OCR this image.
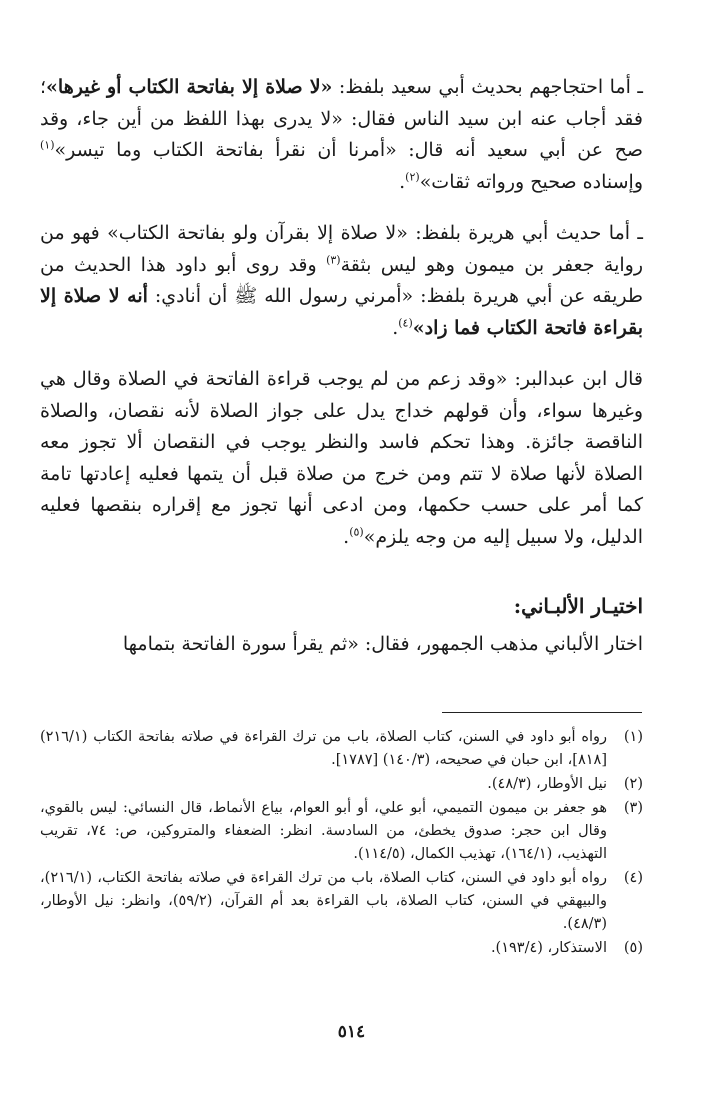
ـ أما احتجاجهم بحديث أبي سعيد بلفظ: «لا صلاة إلا بفاتحة الكتاب أو غيرها»؛ فقد أجاب عنه ابن سيد الناس فقال: «لا يدرى بهذا اللفظ من أين جاء، وقد صح عن أبي سعيد أنه قال: «أمرنا أن نقرأ بفاتحة الكتاب وما تيسر»$^{(١)}$ وإسناده صحيح ورواته ثقات»$^{(٢)}$.

ـ أما حديث أبي هريرة بلفظ: «لا صلاة إلا بقرآن ولو بفاتحة الكتاب» فهو من رواية جعفر بن ميمون وهو ليس بثقة$^{(٣)}$ وقد روى أبو داود هذا الحديث من طريقه عن أبي هريرة بلفظ: «أمرني رسول الله ﷺ أن أنادي: أنه لا صلاة إلا بقراءة فاتحة الكتاب فما زاد»$^{(٤)}$.

قال ابن عبدالبر: «وقد زعم من لم يوجب قراءة الفاتحة في الصلاة وقال هي وغيرها سواء، وأن قولهم خداج يدل على جواز الصلاة لأنه نقصان، والصلاة الناقصة جائزة. وهذا تحكم فاسد والنظر يوجب في النقصان ألا تجوز معه الصلاة لأنها صلاة لا تتم ومن خرج من صلاة قبل أن يتمها فعليه إعادتها تامة كما أمر على حسب حكمها، ومن ادعى أنها تجوز مع إقراره بنقصها فعليه الدليل، ولا سبيل إليه من وجه يلزم»$^{(٥)}$.

اختيـار الألبـاني:

اختار الألباني مذهب الجمهور، فقال: «ثم يقرأ سورة الفاتحة بتمامها

(١)
رواه أبو داود في السنن، كتاب الصلاة، باب من ترك القراءة في صلاته بفاتحة الكتاب (٢١٦/١) [٨١٨]، ابن حبان في صحيحه، (١٤٠/٣) [١٧٨٧].
(٢)
نيل الأوطار، (٤٨/٣).
(٣)
هو جعفر بن ميمون التميمي، أبو علي، أو أبو العوام، بياع الأنماط، قال النسائي: ليس بالقوي، وقال ابن حجر: صدوق يخطئ، من السادسة. انظر: الضعفاء والمتروكين، ص: ٧٤، تقريب التهذيب، (١٦٤/١)، تهذيب الكمال، (١١٤/٥).
(٤)
رواه أبو داود في السنن، كتاب الصلاة، باب من ترك القراءة في صلاته بفاتحة الكتاب، (٢١٦/١)، والبيهقي في السنن، كتاب الصلاة، باب القراءة بعد أم القرآن، (٥٩/٢)، وانظر: نيل الأوطار، (٤٨/٣).
(٥)
الاستذكار، (١٩٣/٤).
٥١٤
